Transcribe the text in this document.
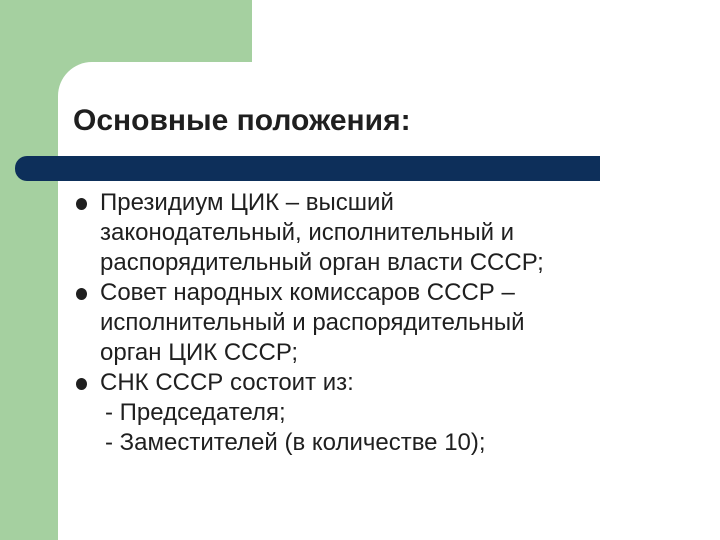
Основные положения:
Президиум ЦИК – высший
законодательный, исполнительный и
распорядительный орган власти СССР;
Совет народных комиссаров СССР –
исполнительный и распорядительный
орган ЦИК СССР;
СНК СССР состоит из:
- Председателя;
- Заместителей (в количестве 10);
